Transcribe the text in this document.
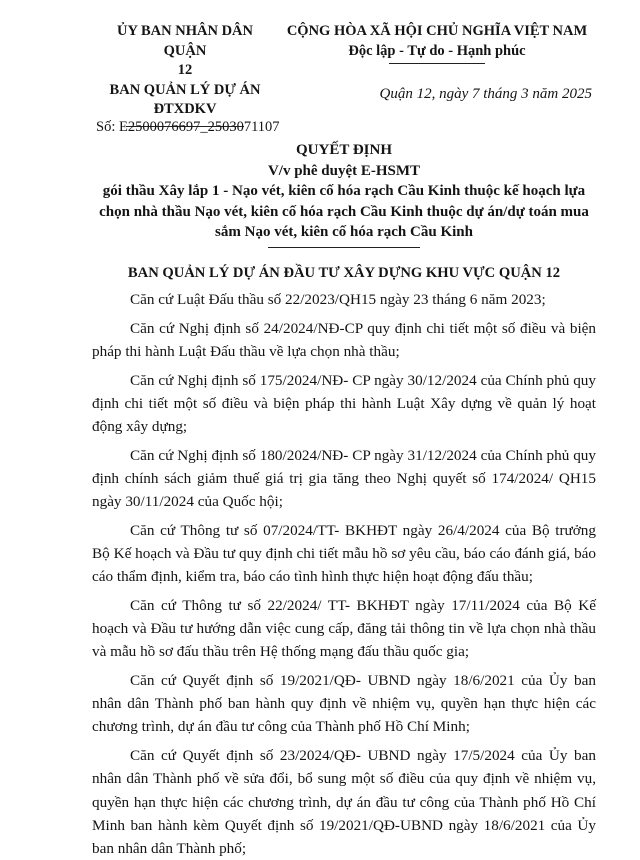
ỦY BAN NHÂN DÂN QUẬN
12
BAN QUẢN LÝ DỰ ÁN
ĐTXDKV
CỘNG HÒA XÃ HỘI CHỦ NGHĨA VIỆT NAM
Độc lập - Tự do - Hạnh phúc
Quận 12, ngày 7 tháng 3 năm 2025
Số: E2500076697_2503071107
QUYẾT ĐỊNH
V/v phê duyệt E-HSMT
gói thầu Xây lắp 1 - Nạo vét, kiên cố hóa rạch Cầu Kinh thuộc kế hoạch lựa chọn nhà thầu Nạo vét, kiên cố hóa rạch Cầu Kinh thuộc dự án/dự toán mua sắm Nạo vét, kiên cố hóa rạch Cầu Kinh
BAN QUẢN LÝ DỰ ÁN ĐẦU TƯ XÂY DỰNG KHU VỰC QUẬN 12

Căn cứ Luật Đấu thầu số 22/2023/QH15 ngày 23 tháng 6 năm 2023;

Căn cứ Nghị định số 24/2024/NĐ-CP quy định chi tiết một số điều và biện pháp thi hành Luật Đấu thầu về lựa chọn nhà thầu;

Căn cứ Nghị định số 175/2024/NĐ- CP ngày 30/12/2024 của Chính phủ quy định chi tiết một số điều và biện pháp thi hành Luật Xây dựng về quản lý hoạt động xây dựng;

Căn cứ Nghị định số 180/2024/NĐ- CP ngày 31/12/2024 của Chính phủ quy định chính sách giảm thuế giá trị gia tăng theo Nghị quyết số 174/2024/ QH15 ngày 30/11/2024 của Quốc hội;

Căn cứ Thông tư số 07/2024/TT- BKHĐT ngày 26/4/2024 của Bộ trưởng Bộ Kế hoạch và Đầu tư quy định chi tiết mẫu hồ sơ yêu cầu, báo cáo đánh giá, báo cáo thẩm định, kiểm tra, báo cáo tình hình thực hiện hoạt động đấu thầu;

Căn cứ Thông tư số 22/2024/ TT- BKHĐT ngày 17/11/2024 của Bộ Kế hoạch và Đầu tư hướng dẫn việc cung cấp, đăng tải thông tin về lựa chọn nhà thầu và mẫu hồ sơ đấu thầu trên Hệ thống mạng đấu thầu quốc gia;

Căn cứ Quyết định số 19/2021/QĐ- UBND ngày 18/6/2021 của Ủy ban nhân dân Thành phố ban hành quy định về nhiệm vụ, quyền hạn thực hiện các chương trình, dự án đầu tư công của Thành phố Hồ Chí Minh;

Căn cứ Quyết định số 23/2024/QĐ- UBND ngày 17/5/2024 của Ủy ban nhân dân Thành phố về sửa đổi, bổ sung một số điều của quy định về nhiệm vụ, quyền hạn thực hiện các chương trình, dự án đầu tư công của Thành phố Hồ Chí Minh ban hành kèm Quyết định số 19/2021/QĐ-UBND ngày 18/6/2021 của Ủy ban nhân dân Thành phố;
